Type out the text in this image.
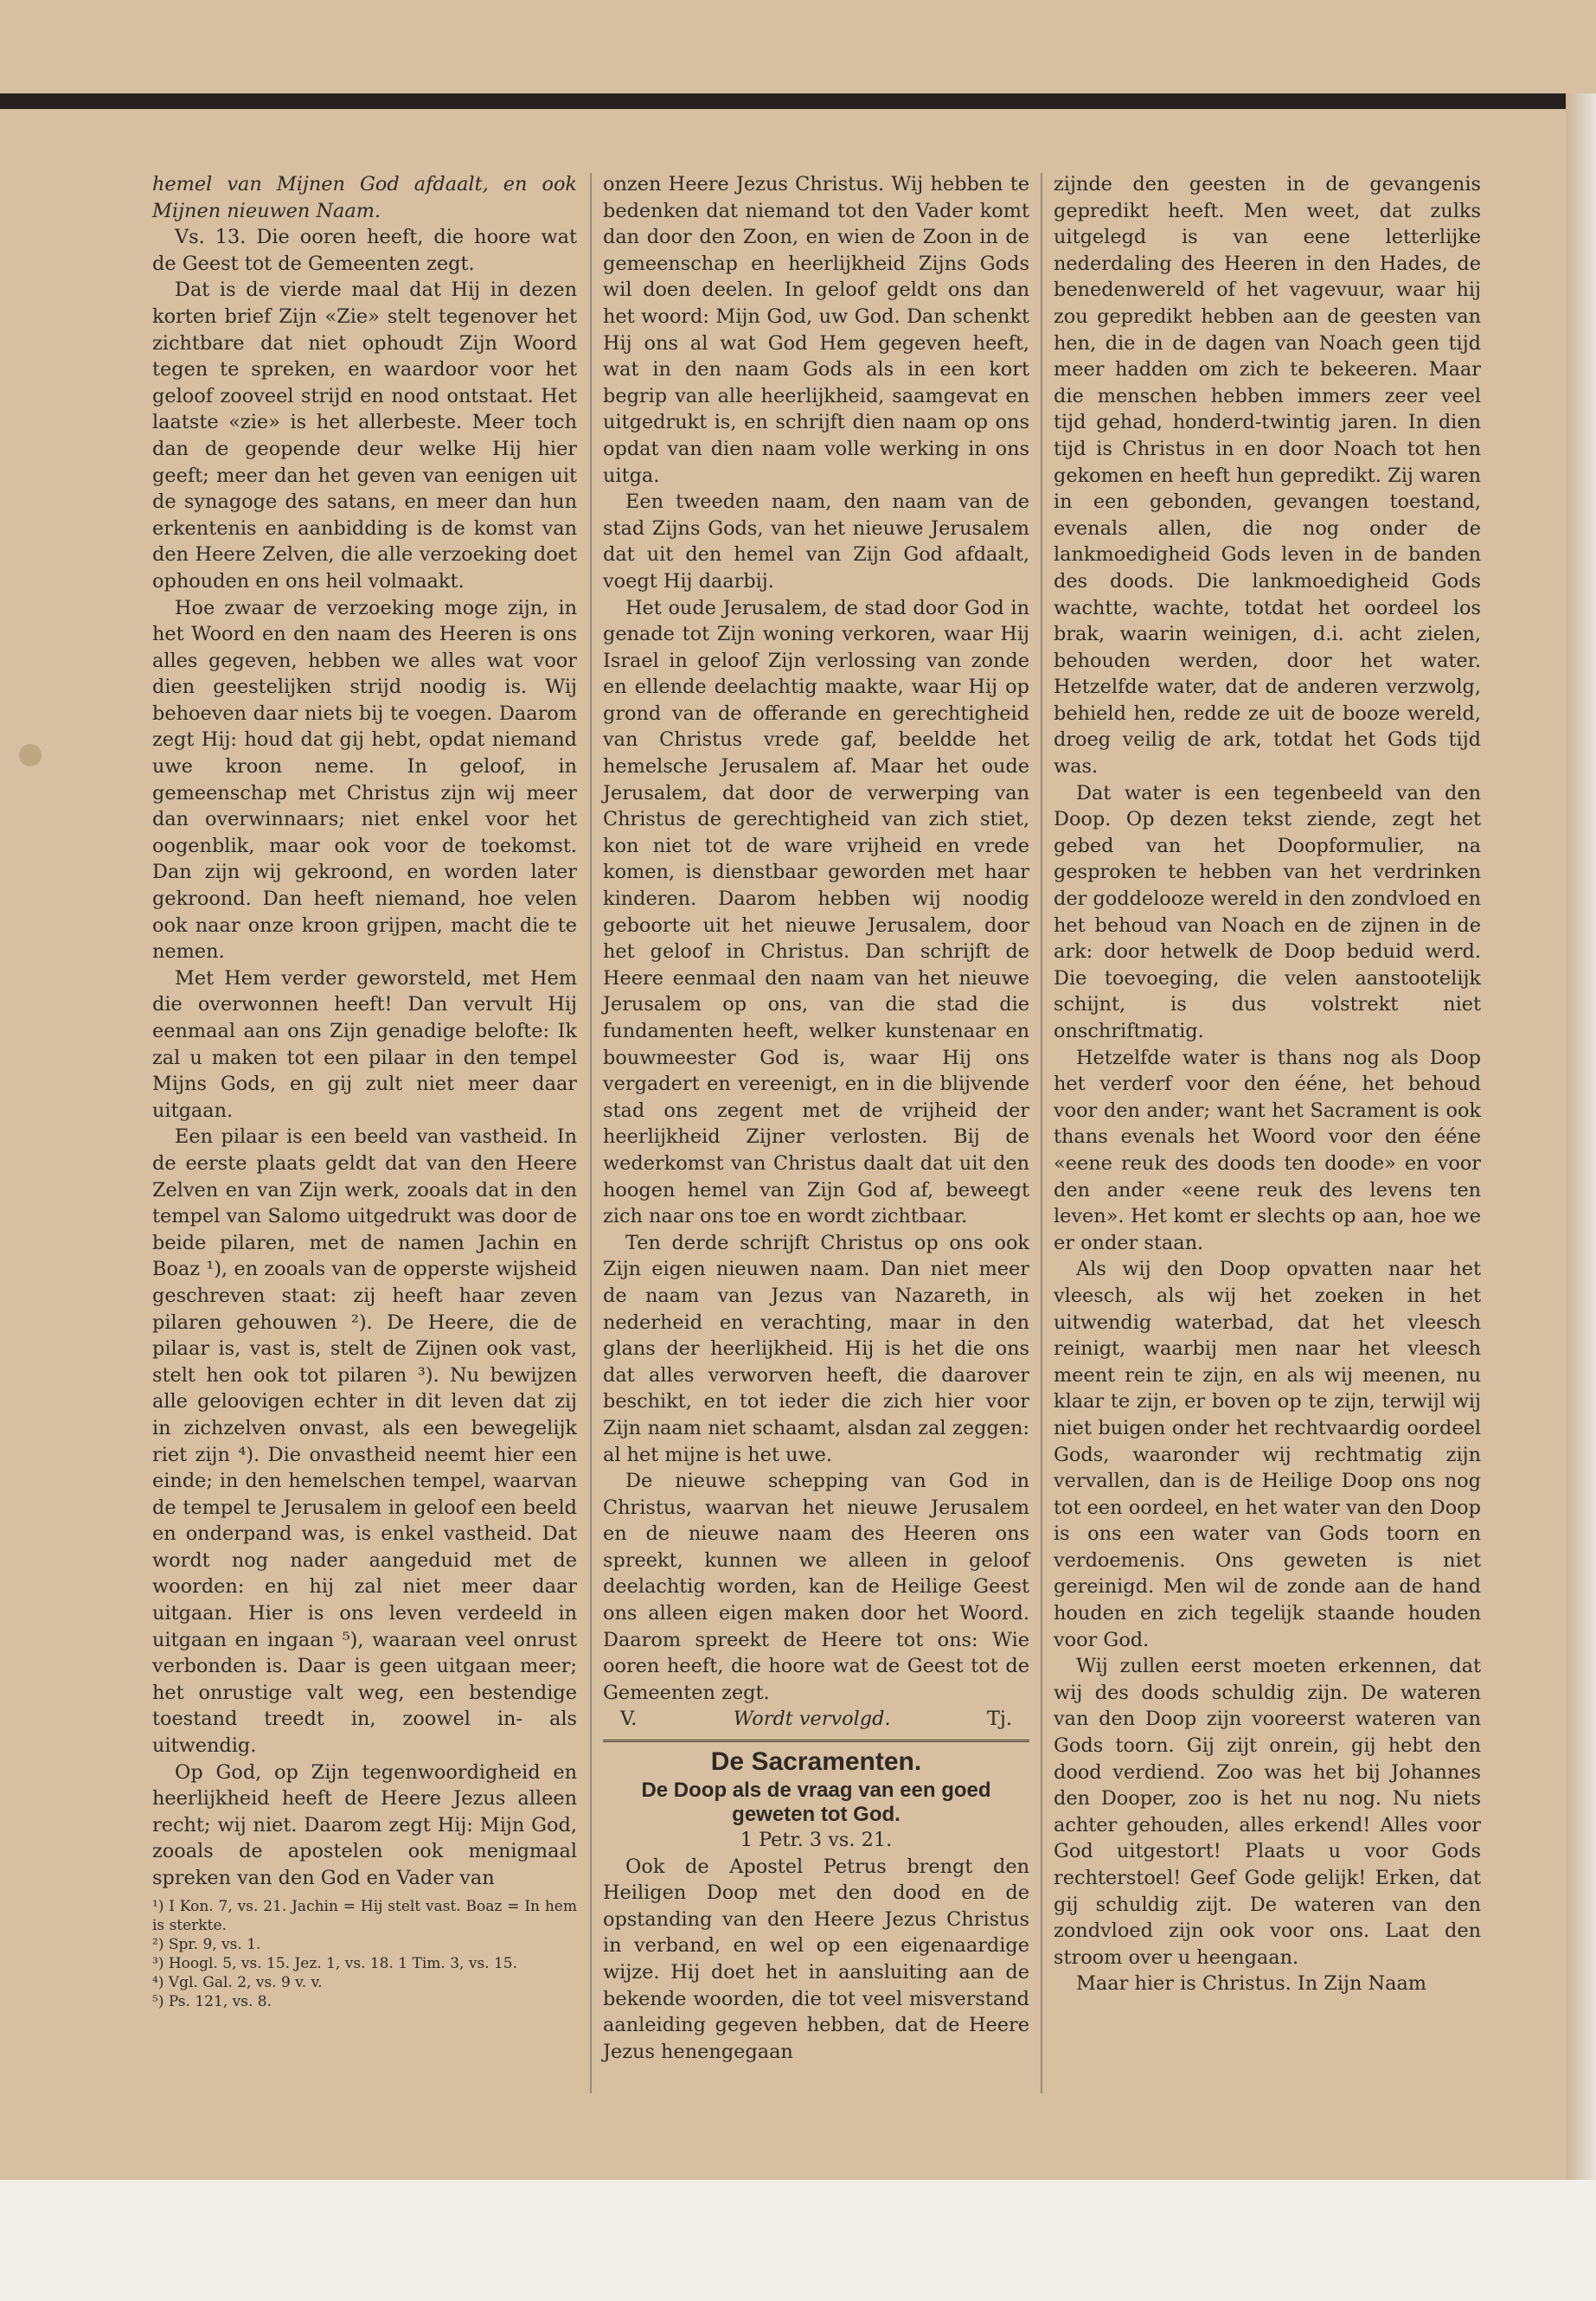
hemel van Mijnen God afdaalt, en ook Mijnen nieuwen Naam.

Vs. 13. Die ooren heeft, die hoore wat de Geest tot de Gemeenten zegt.

Dat is de vierde maal dat Hij in dezen korten brief Zijn «Zie» stelt tegenover het zichtbare dat niet ophoudt Zijn Woord tegen te spreken, en waardoor voor het geloof zooveel strijd en nood ontstaat. Het laatste «zie» is het allerbeste. Meer toch dan de geopende deur welke Hij hier geeft; meer dan het geven van eenigen uit de synagoge des satans, en meer dan hun erkentenis en aanbidding is de komst van den Heere Zelven, die alle verzoeking doet ophouden en ons heil volmaakt.

Hoe zwaar de verzoeking moge zijn, in het Woord en den naam des Heeren is ons alles gegeven, hebben we alles wat voor dien geestelijken strijd noodig is. Wij behoeven daar niets bij te voegen. Daarom zegt Hij: houd dat gij hebt, opdat niemand uwe kroon neme. In geloof, in gemeenschap met Christus zijn wij meer dan overwinnaars; niet enkel voor het oogenblik, maar ook voor de toekomst. Dan zijn wij gekroond, en worden later gekroond. Dan heeft niemand, hoe velen ook naar onze kroon grijpen, macht die te nemen.

Met Hem verder geworsteld, met Hem die overwonnen heeft! Dan vervult Hij eenmaal aan ons Zijn genadige belofte: Ik zal u maken tot een pilaar in den tempel Mijns Gods, en gij zult niet meer daar uitgaan.

Een pilaar is een beeld van vastheid. In de eerste plaats geldt dat van den Heere Zelven en van Zijn werk, zooals dat in den tempel van Salomo uitgedrukt was door de beide pilaren, met de namen Jachin en Boaz ¹), en zooals van de opperste wijsheid geschreven staat: zij heeft haar zeven pilaren gehouwen ²). De Heere, die de pilaar is, vast is, stelt de Zijnen ook vast, stelt hen ook tot pilaren ³). Nu bewijzen alle geloovigen echter in dit leven dat zij in zichzelven onvast, als een bewegelijk riet zijn ⁴). Die onvastheid neemt hier een einde; in den hemelschen tempel, waarvan de tempel te Jerusalem in geloof een beeld en onderpand was, is enkel vastheid. Dat wordt nog nader aangeduid met de woorden: en hij zal niet meer daar uitgaan. Hier is ons leven verdeeld in uitgaan en ingaan ⁵), waaraan veel onrust verbonden is. Daar is geen uitgaan meer; het onrustige valt weg, een bestendige toestand treedt in, zoowel in- als uitwendig.

Op God, op Zijn tegenwoordigheid en heerlijkheid heeft de Heere Jezus alleen recht; wij niet. Daarom zegt Hij: Mijn God, zooals de apostelen ook menigmaal spreken van den God en Vader van

¹) I Kon. 7, vs. 21. Jachin = Hij stelt vast. Boaz = In hem is sterkte.

²) Spr. 9, vs. 1.

³) Hoogl. 5, vs. 15. Jez. 1, vs. 18. 1 Tim. 3, vs. 15.

⁴) Vgl. Gal. 2, vs. 9 v. v.

⁵) Ps. 121, vs. 8.

onzen Heere Jezus Christus. Wij hebben te bedenken dat niemand tot den Vader komt dan door den Zoon, en wien de Zoon in de gemeenschap en heerlijkheid Zijns Gods wil doen deelen. In geloof geldt ons dan het woord: Mijn God, uw God. Dan schenkt Hij ons al wat God Hem gegeven heeft, wat in den naam Gods als in een kort begrip van alle heerlijkheid, saamgevat en uitgedrukt is, en schrijft dien naam op ons opdat van dien naam volle werking in ons uitga.

Een tweeden naam, den naam van de stad Zijns Gods, van het nieuwe Jerusalem dat uit den hemel van Zijn God afdaalt, voegt Hij daarbij.

Het oude Jerusalem, de stad door God in genade tot Zijn woning verkoren, waar Hij Israel in geloof Zijn verlossing van zonde en ellende deelachtig maakte, waar Hij op grond van de offerande en gerechtigheid van Christus vrede gaf, beeldde het hemelsche Jerusalem af. Maar het oude Jerusalem, dat door de verwerping van Christus de gerechtigheid van zich stiet, kon niet tot de ware vrijheid en vrede komen, is dienstbaar geworden met haar kinderen. Daarom hebben wij noodig geboorte uit het nieuwe Jerusalem, door het geloof in Christus. Dan schrijft de Heere eenmaal den naam van het nieuwe Jerusalem op ons, van die stad die fundamenten heeft, welker kunstenaar en bouwmeester God is, waar Hij ons vergadert en vereenigt, en in die blijvende stad ons zegent met de vrijheid der heerlijkheid Zijner verlosten. Bij de wederkomst van Christus daalt dat uit den hoogen hemel van Zijn God af, beweegt zich naar ons toe en wordt zichtbaar.

Ten derde schrijft Christus op ons ook Zijn eigen nieuwen naam. Dan niet meer de naam van Jezus van Nazareth, in nederheid en verachting, maar in den glans der heerlijkheid. Hij is het die ons dat alles verworven heeft, die daarover beschikt, en tot ieder die zich hier voor Zijn naam niet schaamt, alsdan zal zeggen: al het mijne is het uwe.

De nieuwe schepping van God in Christus, waarvan het nieuwe Jerusalem en de nieuwe naam des Heeren ons spreekt, kunnen we alleen in geloof deelachtig worden, kan de Heilige Geest ons alleen eigen maken door het Woord. Daarom spreekt de Heere tot ons: Wie ooren heeft, die hoore wat de Geest tot de Gemeenten zegt.

V.	Wordt vervolgd.	Tj.

De Sacramenten.

De Doop als de vraag van een goed geweten tot God.

1 Petr. 3 vs. 21.

Ook de Apostel Petrus brengt den Heiligen Doop met den dood en de opstanding van den Heere Jezus Christus in verband, en wel op een eigenaardige wijze. Hij doet het in aansluiting aan de bekende woorden, die tot veel misverstand aanleiding gegeven hebben, dat de Heere Jezus henengegaan

zijnde den geesten in de gevangenis gepredikt heeft. Men weet, dat zulks uitgelegd is van eene letterlijke nederdaling des Heeren in den Hades, de benedenwereld of het vagevuur, waar hij zou gepredikt hebben aan de geesten van hen, die in de dagen van Noach geen tijd meer hadden om zich te bekeeren. Maar die menschen hebben immers zeer veel tijd gehad, honderd-twintig jaren. In dien tijd is Christus in en door Noach tot hen gekomen en heeft hun gepredikt. Zij waren in een gebonden, gevangen toestand, evenals allen, die nog onder de lankmoedigheid Gods leven in de banden des doods. Die lankmoedigheid Gods wachtte, wachte, totdat het oordeel los brak, waarin weinigen, d.i. acht zielen, behouden werden, door het water. Hetzelfde water, dat de anderen verzwolg, behield hen, redde ze uit de booze wereld, droeg veilig de ark, totdat het Gods tijd was.

Dat water is een tegenbeeld van den Doop. Op dezen tekst ziende, zegt het gebed van het Doopformulier, na gesproken te hebben van het verdrinken der goddelooze wereld in den zondvloed en het behoud van Noach en de zijnen in de ark: door hetwelk de Doop beduid werd. Die toevoeging, die velen aanstootelijk schijnt, is dus volstrekt niet onschriftmatig.

Hetzelfde water is thans nog als Doop het verderf voor den ééne, het behoud voor den ander; want het Sacrament is ook thans evenals het Woord voor den ééne «eene reuk des doods ten doode» en voor den ander «eene reuk des levens ten leven». Het komt er slechts op aan, hoe we er onder staan.

Als wij den Doop opvatten naar het vleesch, als wij het zoeken in het uitwendig waterbad, dat het vleesch reinigt, waarbij men naar het vleesch meent rein te zijn, en als wij meenen, nu klaar te zijn, er boven op te zijn, terwijl wij niet buigen onder het rechtvaardig oordeel Gods, waaronder wij rechtmatig zijn vervallen, dan is de Heilige Doop ons nog tot een oordeel, en het water van den Doop is ons een water van Gods toorn en verdoemenis. Ons geweten is niet gereinigd. Men wil de zonde aan de hand houden en zich tegelijk staande houden voor God.

Wij zullen eerst moeten erkennen, dat wij des doods schuldig zijn. De wateren van den Doop zijn vooreerst wateren van Gods toorn. Gij zijt onrein, gij hebt den dood verdiend. Zoo was het bij Johannes den Dooper, zoo is het nu nog. Nu niets achter gehouden, alles erkend! Alles voor God uitgestort! Plaats u voor Gods rechterstoel! Geef Gode gelijk! Erken, dat gij schuldig zijt. De wateren van den zondvloed zijn ook voor ons. Laat den stroom over u heengaan.

Maar hier is Christus. In Zijn Naam
